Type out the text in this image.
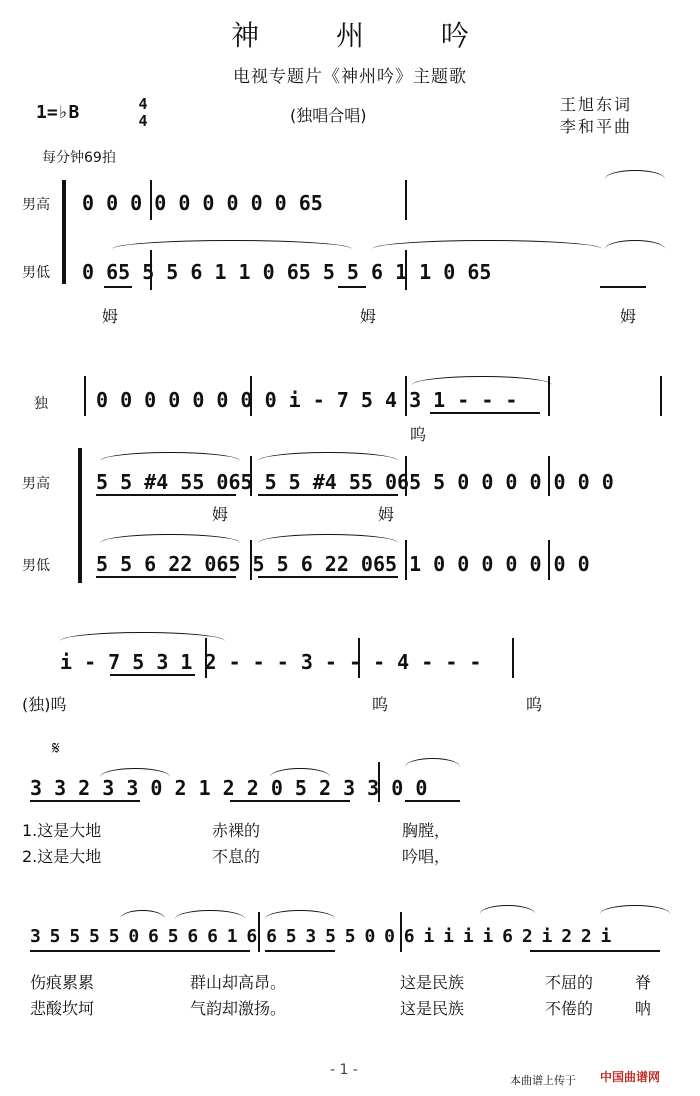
神 州 吟
电视专题片《神州吟》主题歌
1=♭B	4
4	(独唱合唱)
王旭东词
李和平曲
每分钟69拍
男高
男低
0 0 0 0 0 0 0 0 0 65
0 65 5 5 6 1 1 0 65 5 5 6 1 1 0 65
姆	姆	姆
独
男高
男低
0 0 0 0 0 0 0 0 i - 7 5 4 3 1 - - -
5 5 #4 55 065 5 5 #4 55 065 5 0 0 0 0 0 0 0
5 5 6 22 065 5 5 6 22 065 1 0 0 0 0 0 0 0
呜
姆	姆
i - 7 5 3 1 2 - - - 3 - - - 4 - - -
(独)呜	呜	呜
𝄋
3 3 2 3 3 0 2 1 2 2 0 5 2 3 3 0 0
1.这是大地	赤裸的	胸膛，
2.这是大地	不息的	吟唱，
3 5 5 5 5 0 6 5 6 6 1 6 6 5 3 5 5 0 0 6 i i i i 6 2 i 2 2 i
伤痕累累	群山却高昂。	这是民族	不屈的	脊
悲酸坎坷	气韵却激扬。	这是民族	不倦的	呐
- 1 -
本曲谱上传于 中国曲谱网
